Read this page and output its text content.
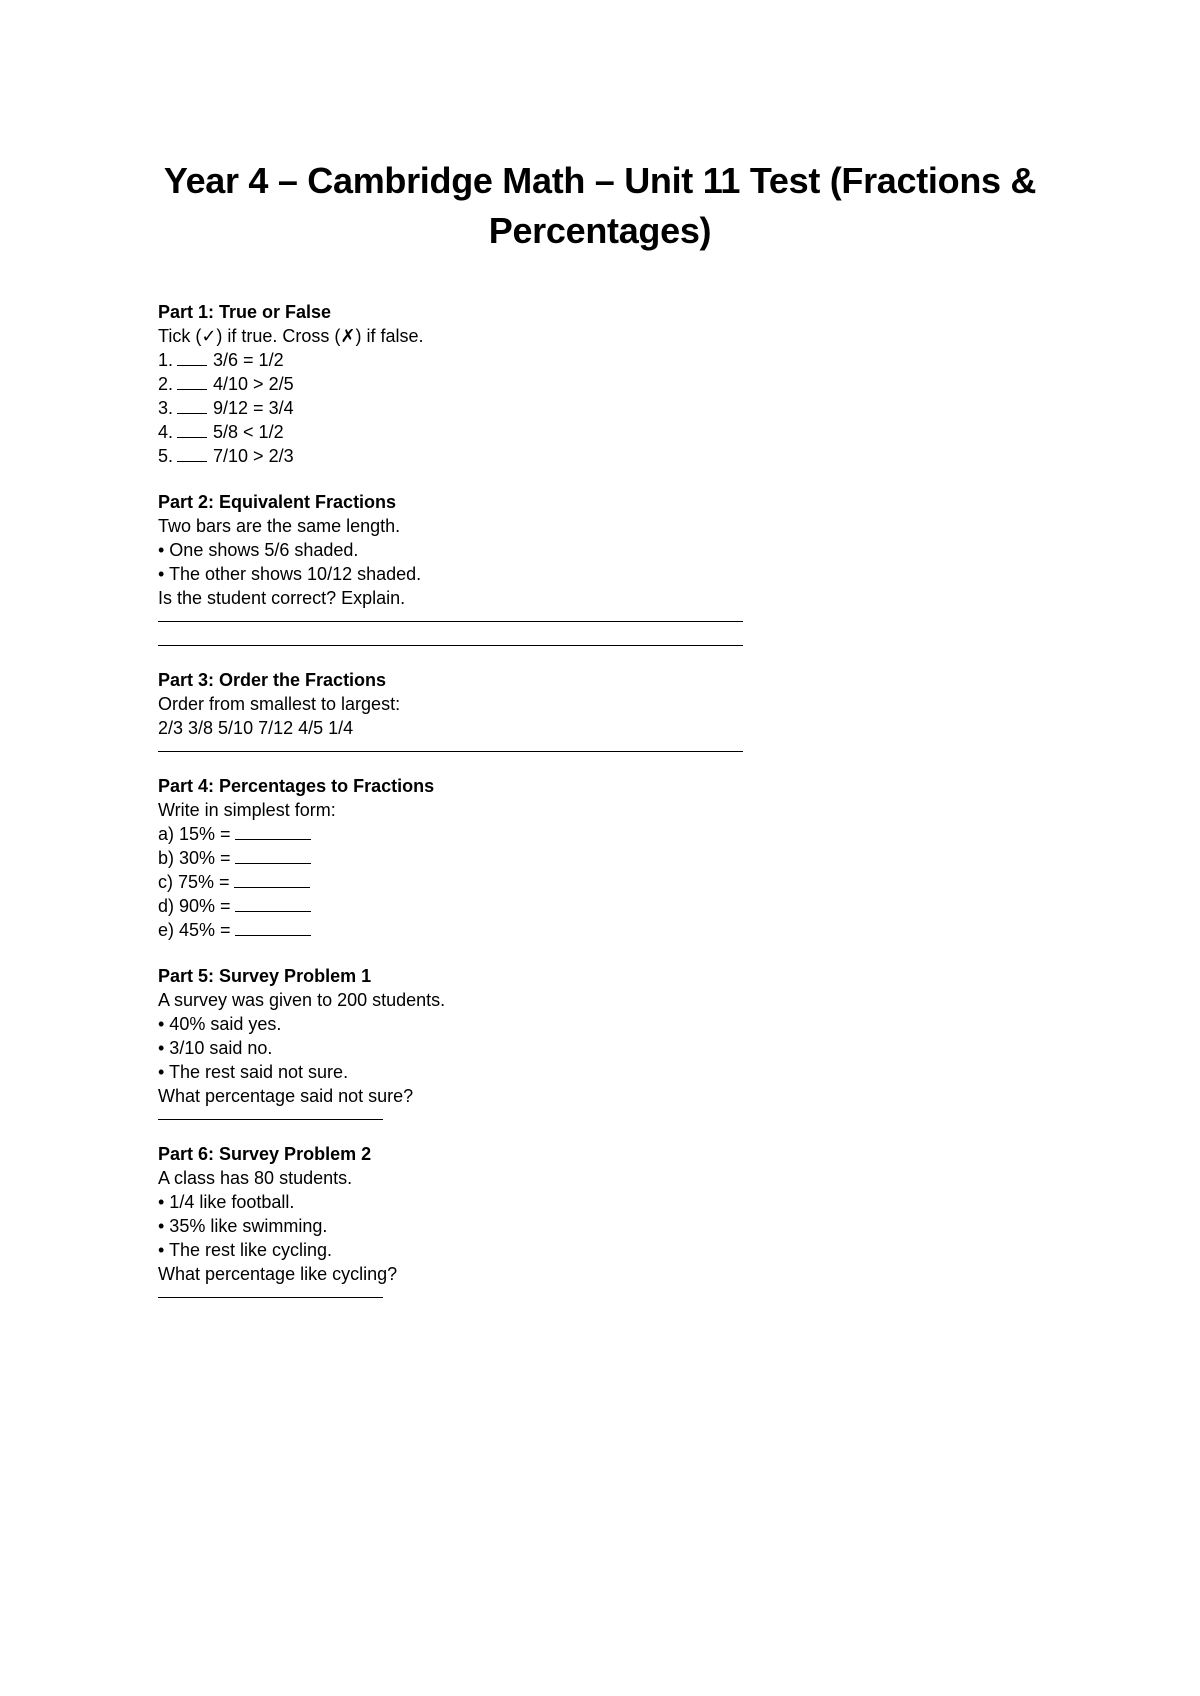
Year 4 – Cambridge Math – Unit 11 Test (Fractions & Percentages)
Part 1: True or False
Tick (✓) if true. Cross (✗) if false.
1. 3/6 = 1/2
2. 4/10 > 2/5
3. 9/12 = 3/4
4. 5/8 < 1/2
5. 7/10 > 2/3
Part 2: Equivalent Fractions
Two bars are the same length.
• One shows 5/6 shaded.
• The other shows 10/12 shaded.
Is the student correct? Explain.
Part 3: Order the Fractions
Order from smallest to largest:
2/3 3/8 5/10 7/12 4/5 1/4
Part 4: Percentages to Fractions
Write in simplest form:
a) 15% =
b) 30% =
c) 75% =
d) 90% =
e) 45% =
Part 5: Survey Problem 1
A survey was given to 200 students.
• 40% said yes.
• 3/10 said no.
• The rest said not sure.
What percentage said not sure?
Part 6: Survey Problem 2
A class has 80 students.
• 1/4 like football.
• 35% like swimming.
• The rest like cycling.
What percentage like cycling?
